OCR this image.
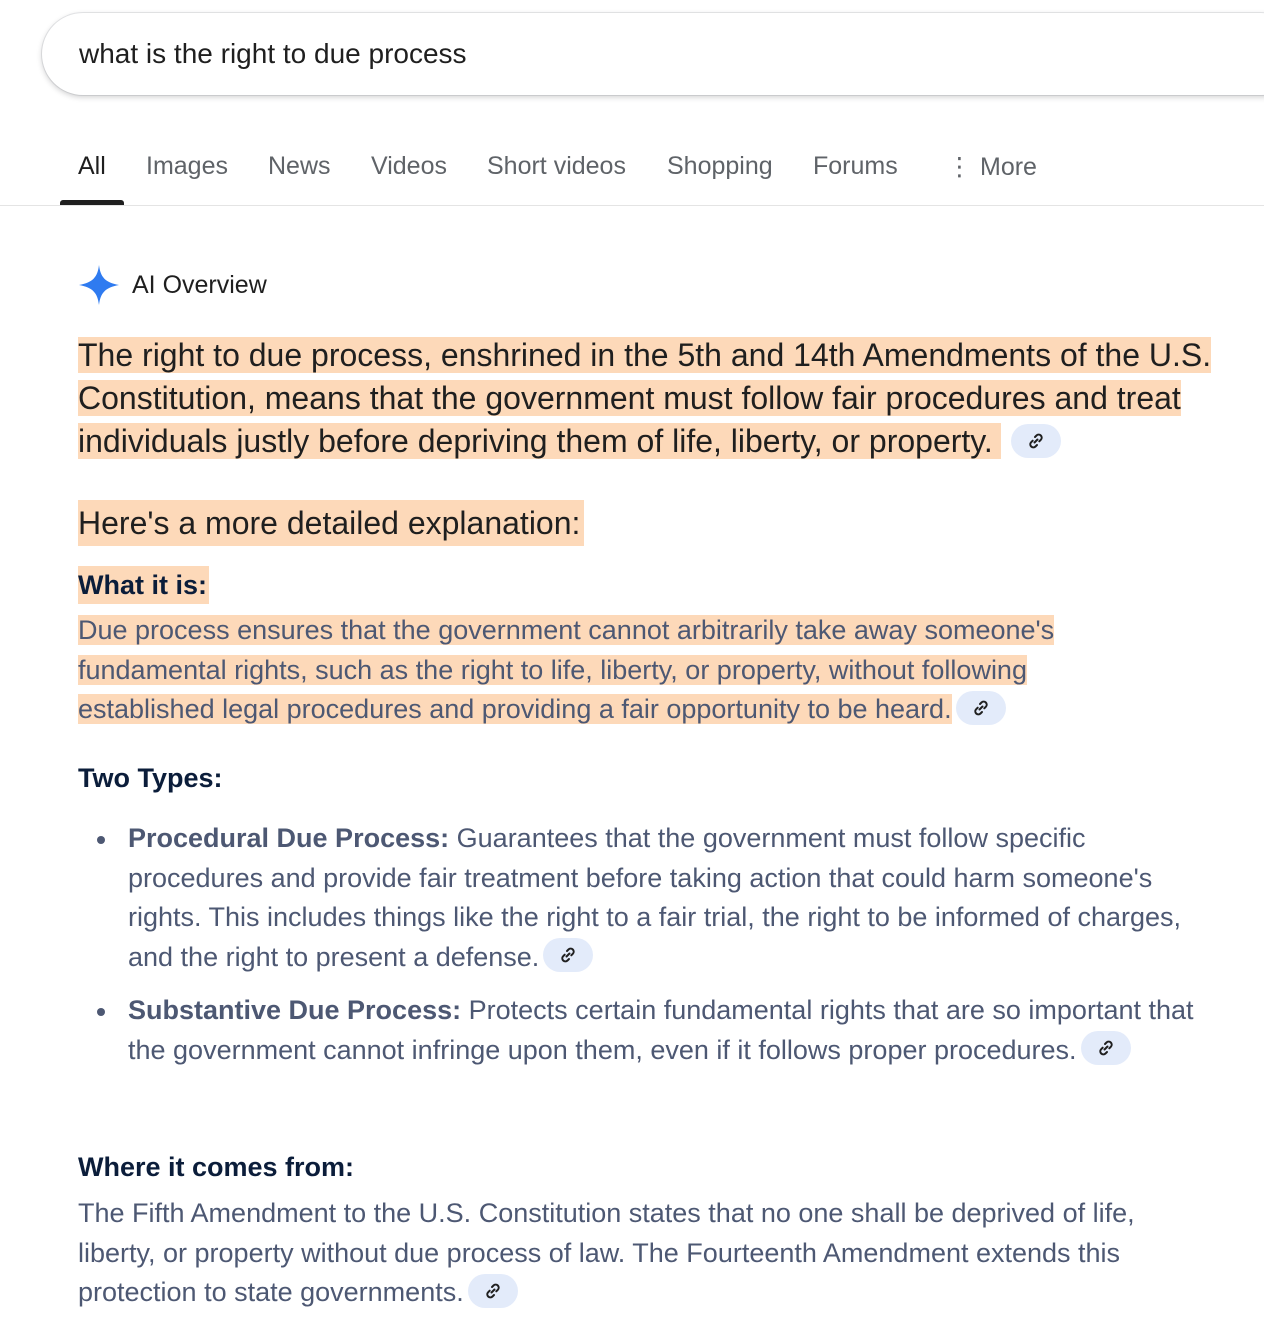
what is the right to due process
All Images News Videos Short videos Shopping Forums ⋮ More
AI Overview
The right to due process, enshrined in the 5th and 14th Amendments of the U.S. Constitution, means that the government must follow fair procedures and treat individuals justly before depriving them of life, liberty, or property.
Here's a more detailed explanation:
What it is:
Due process ensures that the government cannot arbitrarily take away someone's fundamental rights, such as the right to life, liberty, or property, without following established legal procedures and providing a fair opportunity to be heard.
Two Types:
Procedural Due Process: Guarantees that the government must follow specific procedures and provide fair treatment before taking action that could harm someone's rights. This includes things like the right to a fair trial, the right to be informed of charges, and the right to present a defense.
Substantive Due Process: Protects certain fundamental rights that are so important that the government cannot infringe upon them, even if it follows proper procedures.
Where it comes from:
The Fifth Amendment to the U.S. Constitution states that no one shall be deprived of life, liberty, or property without due process of law. The Fourteenth Amendment extends this protection to state governments.
